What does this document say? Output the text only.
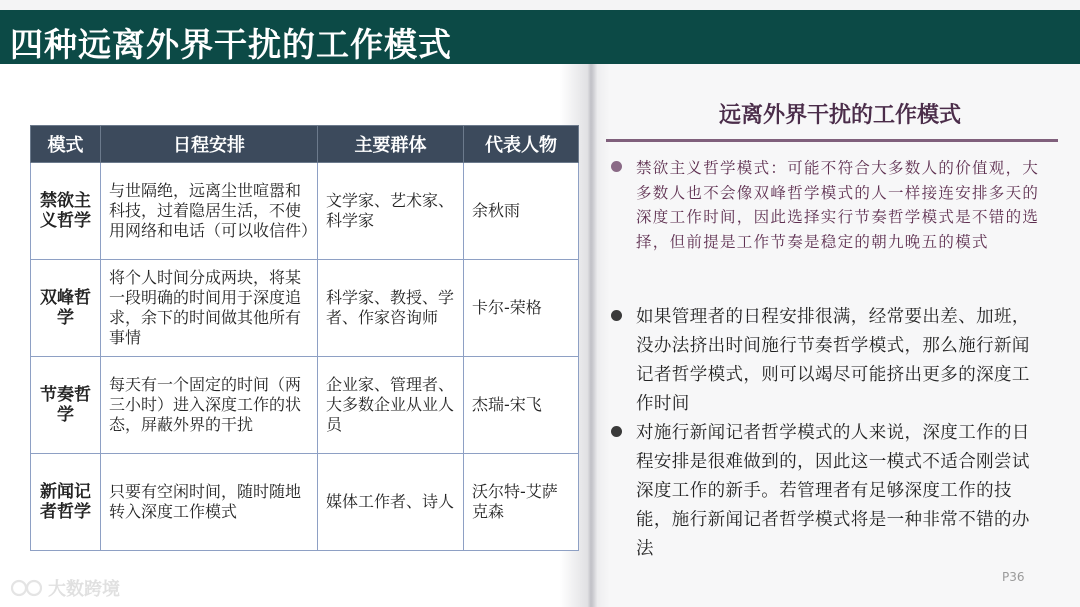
四种远离外界干扰的工作模式
模式	日程安排	主要群体	代表人物
禁欲主义哲学	与世隔绝，远离尘世喧嚣和科技，过着隐居生活，不使用网络和电话（可以收信件）	文学家、艺术家、科学家	余秋雨
双峰哲学	将个人时间分成两块，将某一段明确的时间用于深度追求，余下的时间做其他所有事情	科学家、教授、学者、作家咨询师	卡尔-荣格
节奏哲学	每天有一个固定的时间（两三小时）进入深度工作的状态，屏蔽外界的干扰	企业家、管理者、大多数企业从业人员	杰瑞-宋飞
新闻记者哲学	只要有空闲时间，随时随地转入深度工作模式	媒体工作者、诗人	沃尔特-艾萨克森
远离外界干扰的工作模式
禁欲主义哲学模式：可能不符合大多数人的价值观，大多数人也不会像双峰哲学模式的人一样接连安排多天的深度工作时间，因此选择实行节奏哲学模式是不错的选择，但前提是工作节奏是稳定的朝九晚五的模式
如果管理者的日程安排很满，经常要出差、加班，没办法挤出时间施行节奏哲学模式，那么施行新闻记者哲学模式，则可以竭尽可能挤出更多的深度工作时间
对施行新闻记者哲学模式的人来说，深度工作的日程安排是很难做到的，因此这一模式不适合刚尝试深度工作的新手。若管理者有足够深度工作的技能，施行新闻记者哲学模式将是一种非常不错的办法
P36
大数跨境
